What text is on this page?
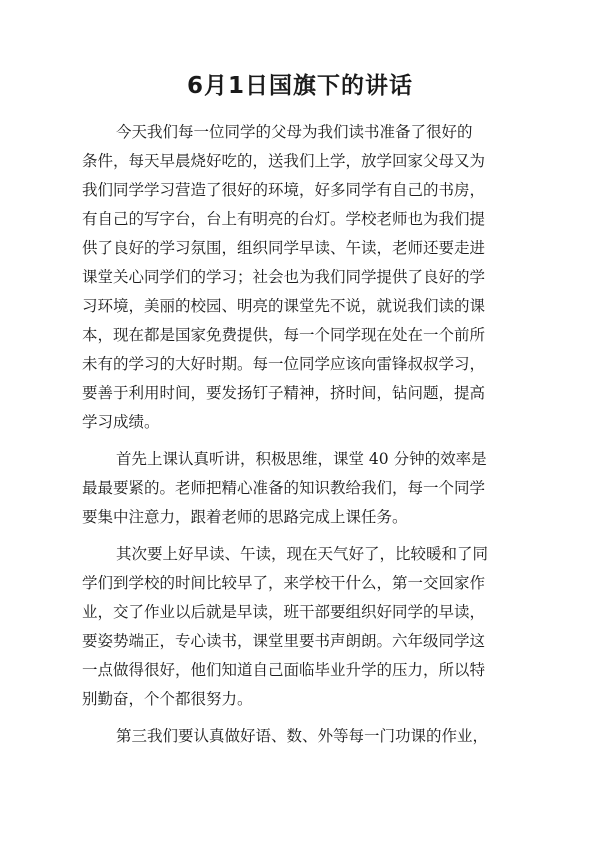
6月1日国旗下的讲话
今天我们每一位同学的父母为我们读书准备了很好的
条件，每天早晨烧好吃的，送我们上学，放学回家父母又为
我们同学学习营造了很好的环境，好多同学有自己的书房，
有自己的写字台，台上有明亮的台灯。学校老师也为我们提
供了良好的学习氛围，组织同学早读、午读，老师还要走进
课堂关心同学们的学习；社会也为我们同学提供了良好的学
习环境，美丽的校园、明亮的课堂先不说，就说我们读的课
本，现在都是国家免费提供，每一个同学现在处在一个前所
未有的学习的大好时期。每一位同学应该向雷锋叔叔学习，
要善于利用时间，要发扬钉子精神，挤时间，钻问题，提高
学习成绩。
首先上课认真听讲，积极思维，课堂 40 分钟的效率是
最最要紧的。老师把精心准备的知识教给我们，每一个同学
要集中注意力，跟着老师的思路完成上课任务。
其次要上好早读、午读，现在天气好了，比较暖和了同
学们到学校的时间比较早了，来学校干什么，第一交回家作
业，交了作业以后就是早读，班干部要组织好同学的早读，
要姿势端正，专心读书，课堂里要书声朗朗。六年级同学这
一点做得很好，他们知道自己面临毕业升学的压力，所以特
别勤奋，个个都很努力。
第三我们要认真做好语、数、外等每一门功课的作业，
